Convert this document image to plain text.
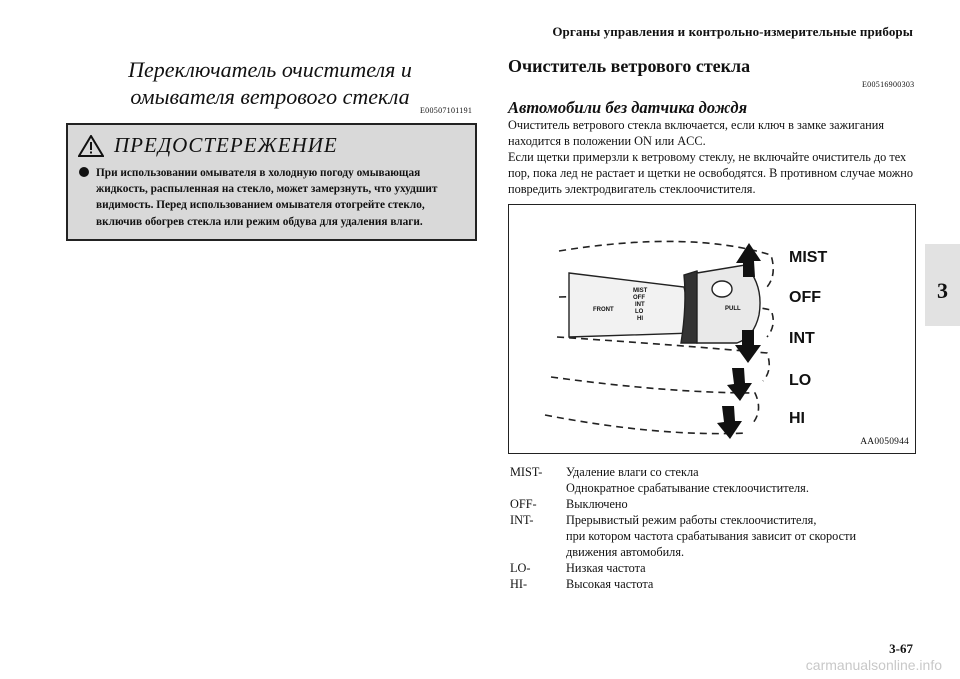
Органы управления и контрольно-измерительные приборы
3
Переключатель очистителя и
омывателя ветрового стекла
E00507101191
ПРЕДОСТЕРЕЖЕНИЕ
При использовании омывателя в холодную погоду омывающая жидкость, распыленная на стекло, может замерзнуть, что ухудшит видимость. Перед использованием омывателя отогрейте стекло, включив обогрев стекла или режим обдува для удаления влаги.
Очиститель ветрового стекла
E00516900303
Автомобили без датчика дождя
Очиститель ветрового стекла включается, если ключ в замке зажигания находится в положении ON или ACC.
Если щетки примерзли к ветровому стеклу, не включайте очиститель до тех пор, пока лед не растает и щетки не освободятся. В противном случае можно повредить электродвигатель стеклоочистителя.
PULL
FRONT
MIST
OFF
INT
LO
HI
MIST
OFF
INT
LO
HI
AA0050944
MIST-	Удаление влаги со стекла
Однократное срабатывание стеклоочистителя.
OFF-	Выключено
INT-	Прерывистый режим работы стеклоочистителя,
при котором частота срабатывания зависит от скорости
движения автомобиля.
LO-	Низкая частота
HI-	Высокая частота
3-67
carmanualsonline.info
